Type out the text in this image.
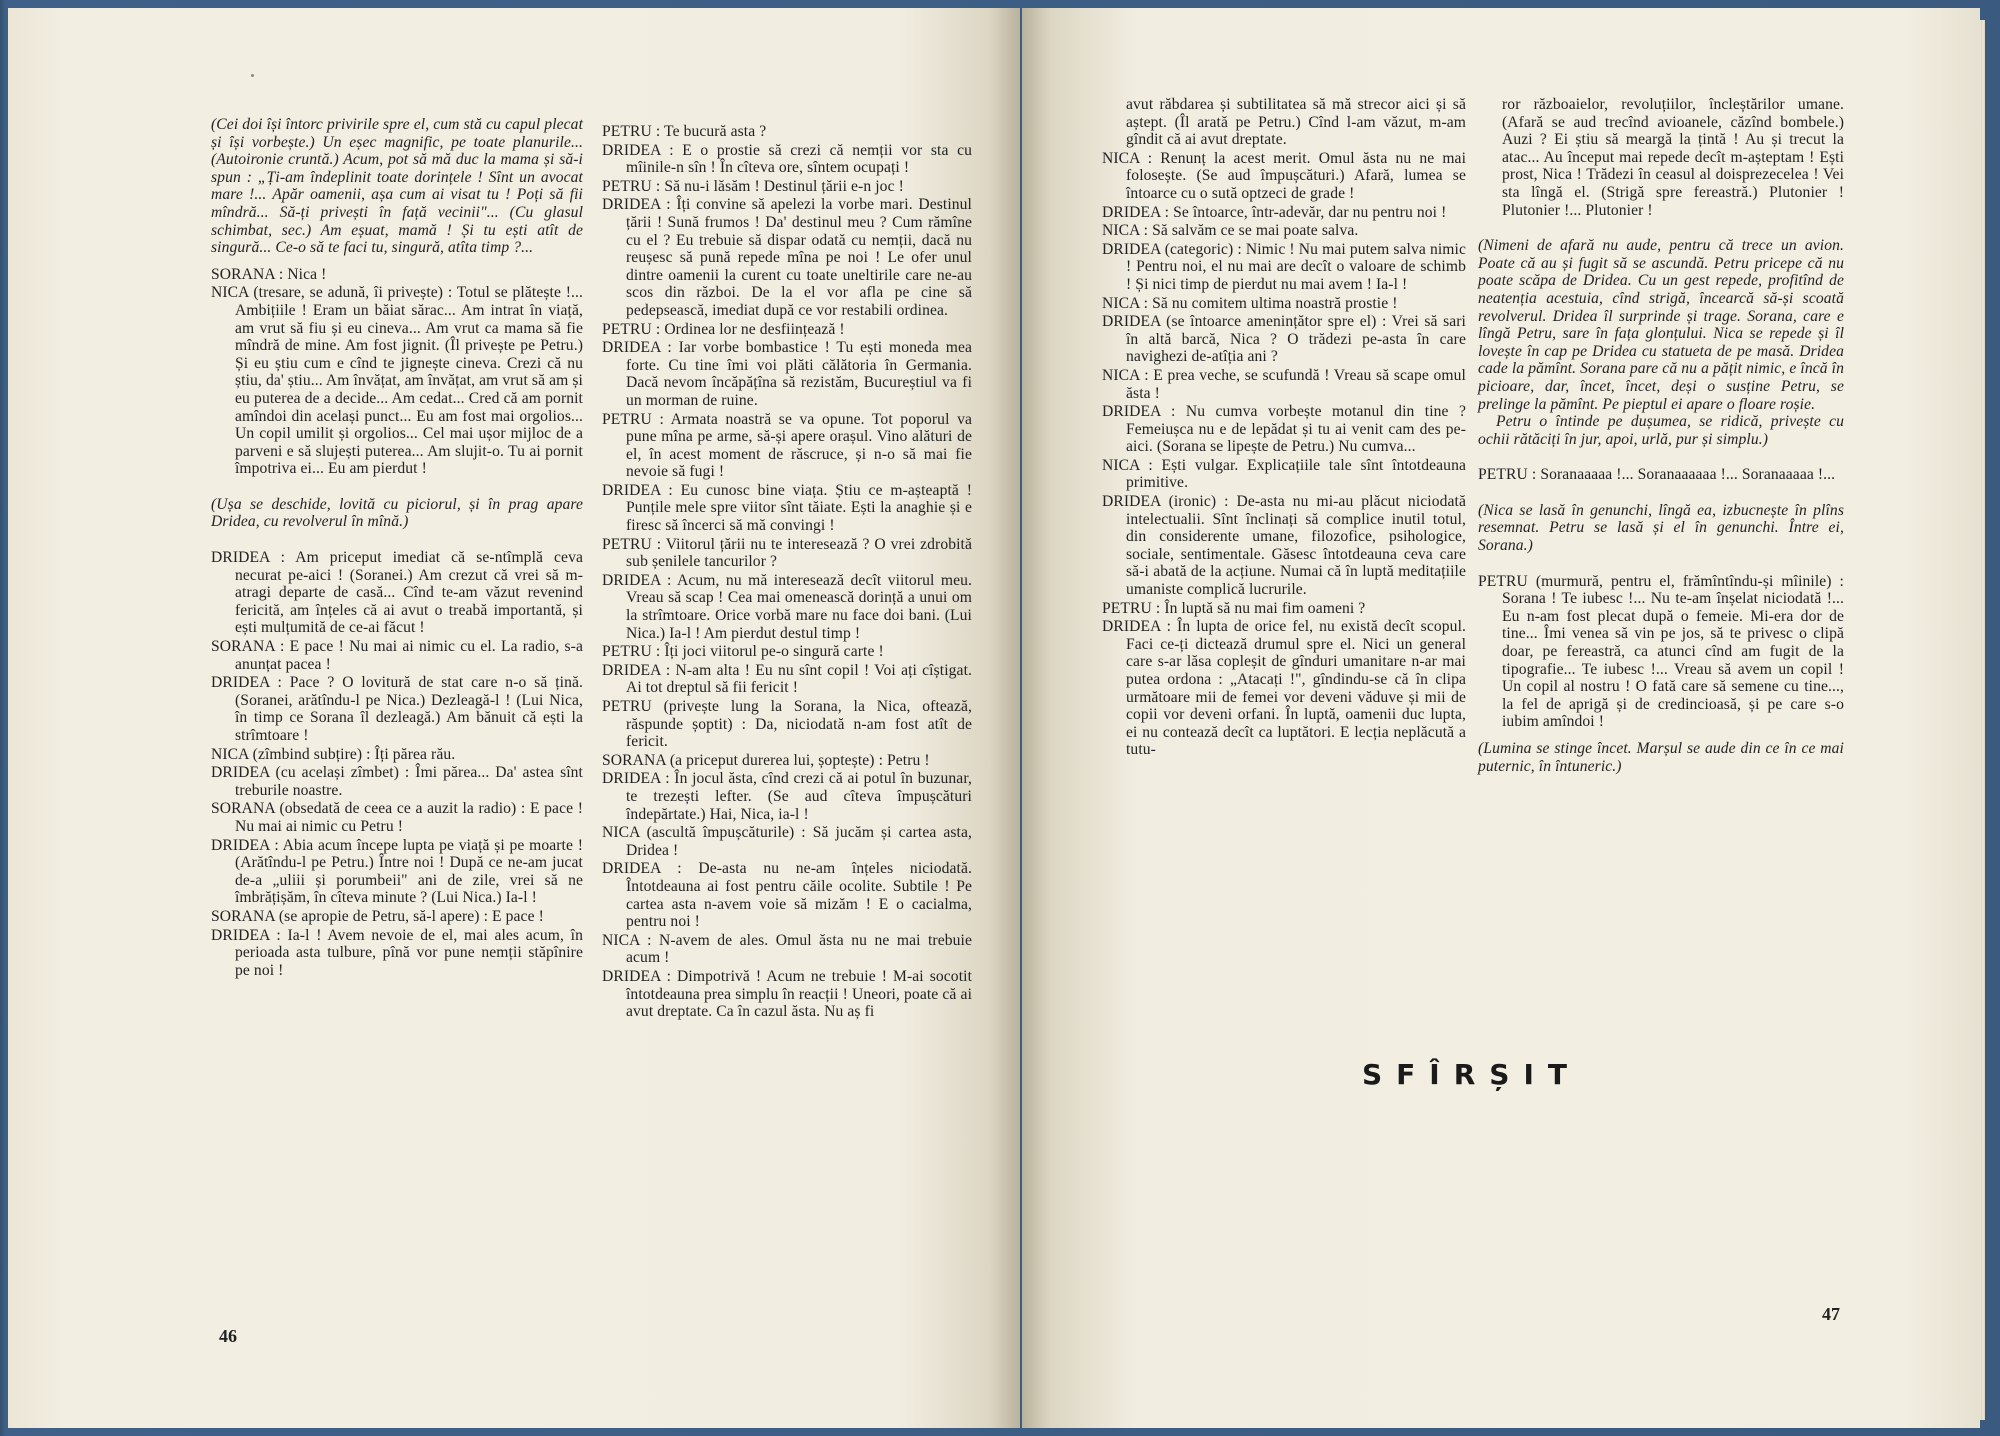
(Cei doi își întorc privirile spre el, cum stă cu capul plecat și își vorbește.) Un eșec magnific, pe toate planurile... (Autoironie cruntă.) Acum, pot să mă duc la mama și să-i spun : „Ți-am îndeplinit toate dorințele ! Sînt un avocat mare !... Apăr oamenii, așa cum ai visat tu ! Poți să fii mîndră... Să-ți privești în față vecinii"... (Cu glasul schimbat, sec.) Am eșuat, mamă ! Și tu ești atît de singură... Ce-o să te faci tu, singură, atîta timp ?...

SORANA : Nica !

NICA (tresare, se adună, îi privește) : Totul se plătește !... Ambițiile ! Eram un băiat sărac... Am intrat în viață, am vrut să fiu și eu cineva... Am vrut ca mama să fie mîndră de mine. Am fost jignit. (Îl privește pe Petru.) Și eu știu cum e cînd te jignește cineva. Crezi că nu știu, da' știu... Am învățat, am învățat, am vrut să am și eu puterea de a decide... Am cedat... Cred că am pornit amîndoi din același punct... Eu am fost mai orgolios... Un copil umilit și orgolios... Cel mai ușor mijloc de a parveni e să slujești puterea... Am slujit-o. Tu ai pornit împotriva ei... Eu am pierdut !

(Ușa se deschide, lovită cu piciorul, și în prag apare Dridea, cu revolverul în mînă.)

DRIDEA : Am priceput imediat că se-ntîmplă ceva necurat pe-aici ! (Soranei.) Am crezut că vrei să m-atragi departe de casă... Cînd te-am văzut revenind fericită, am înțeles că ai avut o treabă importantă, și ești mulțumită de ce-ai făcut !

SORANA : E pace ! Nu mai ai nimic cu el. La radio, s-a anunțat pacea !

DRIDEA : Pace ? O lovitură de stat care n-o să țină. (Soranei, arătîndu-l pe Nica.) Dezleagă-l ! (Lui Nica, în timp ce Sorana îl dezleagă.) Am bănuit că ești la strîmtoare !

NICA (zîmbind subțire) : Îți părea rău.

DRIDEA (cu același zîmbet) : Îmi părea... Da' astea sînt treburile noastre.

SORANA (obsedată de ceea ce a auzit la radio) : E pace ! Nu mai ai nimic cu Petru !

DRIDEA : Abia acum începe lupta pe viață și pe moarte ! (Arătîndu-l pe Petru.) Între noi ! După ce ne-am jucat de-a „uliii și porumbeii" ani de zile, vrei să ne îmbrățișăm, în cîteva minute ? (Lui Nica.) Ia-l !

SORANA (se apropie de Petru, să-l apere) : E pace !

DRIDEA : Ia-l ! Avem nevoie de el, mai ales acum, în perioada asta tulbure, pînă vor pune nemții stăpînire pe noi !

PETRU : Te bucură asta ?

DRIDEA : E o prostie să crezi că nemții vor sta cu mîinile-n sîn ! În cîteva ore, sîntem ocupați !

PETRU : Să nu-i lăsăm ! Destinul țării e-n joc !

DRIDEA : Îți convine să apelezi la vorbe mari. Destinul țării ! Sună frumos ! Da' destinul meu ? Cum rămîne cu el ? Eu trebuie să dispar odată cu nemții, dacă nu reușesc să pună repede mîna pe noi ! Le ofer unul dintre oamenii la curent cu toate uneltirile care ne-au scos din război. De la el vor afla pe cine să pedepsească, imediat după ce vor restabili ordinea.

PETRU : Ordinea lor ne desființează !

DRIDEA : Iar vorbe bombastice ! Tu ești moneda mea forte. Cu tine îmi voi plăti călătoria în Germania. Dacă nevom încăpățîna să rezistăm, Bucureștiul va fi un morman de ruine.

PETRU : Armata noastră se va opune. Tot poporul va pune mîna pe arme, să-și apere orașul. Vino alături de el, în acest moment de răscruce, și n-o să mai fie nevoie să fugi !

DRIDEA : Eu cunosc bine viața. Știu ce m-așteaptă ! Punțile mele spre viitor sînt tăiate. Ești la anaghie și e firesc să încerci să mă convingi !

PETRU : Viitorul țării nu te interesează ? O vrei zdrobită sub șenilele tancurilor ?

DRIDEA : Acum, nu mă interesează decît viitorul meu. Vreau să scap ! Cea mai omenească dorință a unui om la strîmtoare. Orice vorbă mare nu face doi bani. (Lui Nica.) Ia-l ! Am pierdut destul timp !

PETRU : Îți joci viitorul pe-o singură carte !

DRIDEA : N-am alta ! Eu nu sînt copil ! Voi ați cîștigat. Ai tot dreptul să fii fericit !

PETRU (privește lung la Sorana, la Nica, oftează, răspunde șoptit) : Da, niciodată n-am fost atît de fericit.

SORANA (a priceput durerea lui, șoptește) : Petru !

DRIDEA : În jocul ăsta, cînd crezi că ai potul în buzunar, te trezești lefter. (Se aud cîteva împușcături îndepărtate.) Hai, Nica, ia-l !

NICA (ascultă împușcăturile) : Să jucăm și cartea asta, Dridea !

DRIDEA : De-asta nu ne-am înțeles niciodată. Întotdeauna ai fost pentru căile ocolite. Subtile ! Pe cartea asta n-avem voie să mizăm ! E o cacialma, pentru noi !

NICA : N-avem de ales. Omul ăsta nu ne mai trebuie acum !

DRIDEA : Dimpotrivă ! Acum ne trebuie ! M-ai socotit întotdeauna prea simplu în reacții ! Uneori, poate că ai avut dreptate. Ca în cazul ăsta. Nu aș fi

46

avut răbdarea și subtilitatea să mă strecor aici și să aștept. (Îl arată pe Petru.) Cînd l-am văzut, m-am gîndit că ai avut dreptate.

NICA : Renunț la acest merit. Omul ăsta nu ne mai folosește. (Se aud împușcături.) Afară, lumea se întoarce cu o sută optzeci de grade !

DRIDEA : Se întoarce, într-adevăr, dar nu pentru noi !

NICA : Să salvăm ce se mai poate salva.

DRIDEA (categoric) : Nimic ! Nu mai putem salva nimic ! Pentru noi, el nu mai are decît o valoare de schimb ! Și nici timp de pierdut nu mai avem ! Ia-l !

NICA : Să nu comitem ultima noastră prostie !

DRIDEA (se întoarce amenințător spre el) : Vrei să sari în altă barcă, Nica ? O trădezi pe-asta în care navighezi de-atîția ani ?

NICA : E prea veche, se scufundă ! Vreau să scape omul ăsta !

DRIDEA : Nu cumva vorbește motanul din tine ? Femeiușca nu e de lepădat și tu ai venit cam des pe-aici. (Sorana se lipește de Petru.) Nu cumva...

NICA : Ești vulgar. Explicațiile tale sînt întotdeauna primitive.

DRIDEA (ironic) : De-asta nu mi-au plăcut niciodată intelectualii. Sînt înclinați să complice inutil totul, din considerente umane, filozofice, psihologice, sociale, sentimentale. Găsesc întotdeauna ceva care să-i abată de la acțiune. Numai că în luptă meditațiile umaniste complică lucrurile.

PETRU : În luptă să nu mai fim oameni ?

DRIDEA : În lupta de orice fel, nu există decît scopul. Faci ce-ți dictează drumul spre el. Nici un general care s-ar lăsa copleșit de gînduri umanitare n-ar mai putea ordona : „Atacați !", gîndindu-se că în clipa următoare mii de femei vor deveni văduve și mii de copii vor deveni orfani. În luptă, oamenii duc lupta, ei nu contează decît ca luptători. E lecția neplăcută a tutu-

ror războaielor, revoluțiilor, încleștărilor umane. (Afară se aud trecînd avioanele, căzînd bombele.) Auzi ? Ei știu să meargă la țintă ! Au și trecut la atac... Au început mai repede decît m-așteptam ! Ești prost, Nica ! Trădezi în ceasul al doisprezecelea ! Vei sta lîngă el. (Strigă spre fereastră.) Plutonier ! Plutonier !... Plutonier !

(Nimeni de afară nu aude, pentru că trece un avion. Poate că au și fugit să se ascundă. Petru pricepe că nu poate scăpa de Dridea. Cu un gest repede, profitînd de neatenția acestuia, cînd strigă, încearcă să-și scoată revolverul. Dridea îl surprinde și trage. Sorana, care e lîngă Petru, sare în fața glonțului. Nica se repede și îl lovește în cap pe Dridea cu statueta de pe masă. Dridea cade la pămînt. Sorana pare că nu a pățit nimic, e încă în picioare, dar, încet, încet, deși o susține Petru, se prelinge la pămînt. Pe pieptul ei apare o floare roșie.

Petru o întinde pe dușumea, se ridică, privește cu ochii rătăciți în jur, apoi, urlă, pur și simplu.)

PETRU : Soranaaaaa !... Soranaaaaaa !... Soranaaaaa !...

(Nica se lasă în genunchi, lîngă ea, izbucnește în plîns resemnat. Petru se lasă și el în genunchi. Între ei, Sorana.)

PETRU (murmură, pentru el, frămîntîndu-și mîinile) : Sorana ! Te iubesc !... Nu te-am înșelat niciodată !... Eu n-am fost plecat după o femeie. Mi-era dor de tine... Îmi venea să vin pe jos, să te privesc o clipă doar, pe fereastră, ca atunci cînd am fugit de la tipografie... Te iubesc !... Vreau să avem un copil ! Un copil al nostru ! O fată care să semene cu tine..., la fel de aprigă și de credincioasă, și pe care s-o iubim amîndoi !

(Lumina se stinge încet. Marșul se aude din ce în ce mai puternic, în întuneric.)

47
SFÎRȘIT
